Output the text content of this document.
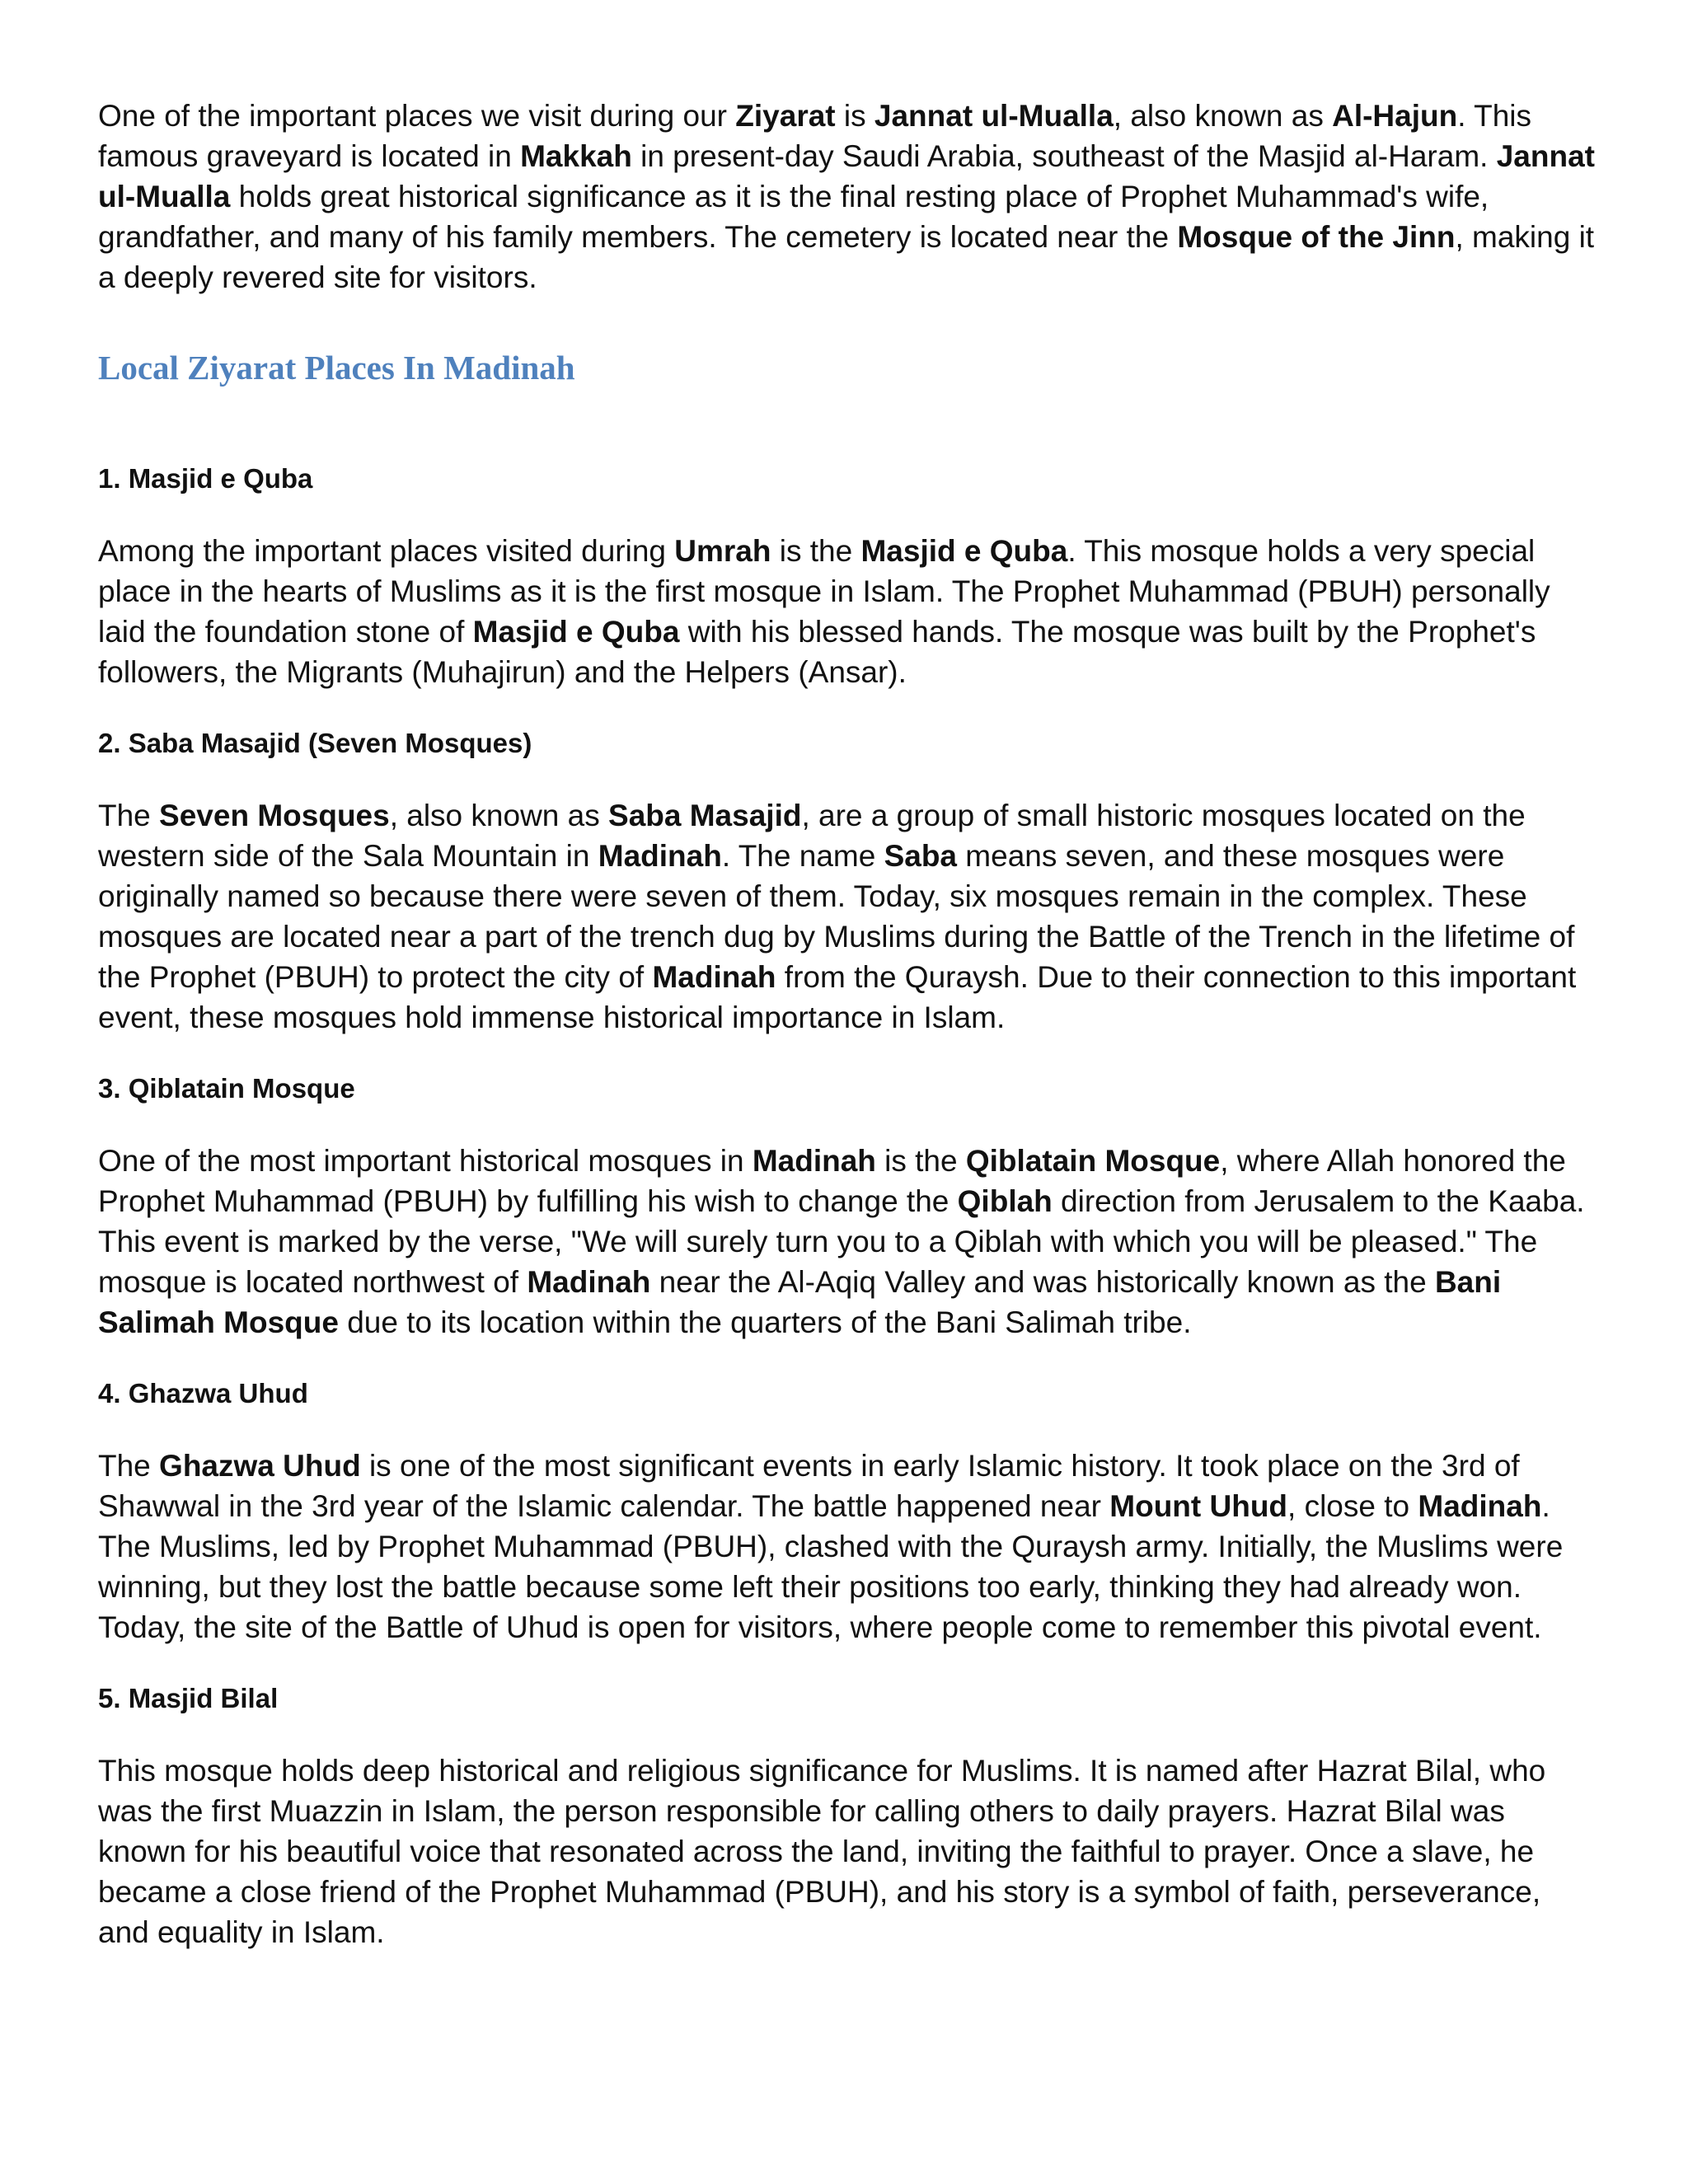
One of the important places we visit during our Ziyarat is Jannat ul-Mualla, also known as Al-Hajun. This famous graveyard is located in Makkah in present-day Saudi Arabia, southeast of the Masjid al-Haram. Jannat ul-Mualla holds great historical significance as it is the final resting place of Prophet Muhammad's wife, grandfather, and many of his family members. The cemetery is located near the Mosque of the Jinn, making it a deeply revered site for visitors.

Local Ziyarat Places In Madinah
1. Masjid e Quba

Among the important places visited during Umrah is the Masjid e Quba. This mosque holds a very special place in the hearts of Muslims as it is the first mosque in Islam. The Prophet Muhammad (PBUH) personally laid the foundation stone of Masjid e Quba with his blessed hands. The mosque was built by the Prophet's followers, the Migrants (Muhajirun) and the Helpers (Ansar).

2. Saba Masajid (Seven Mosques)

The Seven Mosques, also known as Saba Masajid, are a group of small historic mosques located on the western side of the Sala Mountain in Madinah. The name Saba means seven, and these mosques were originally named so because there were seven of them. Today, six mosques remain in the complex. These mosques are located near a part of the trench dug by Muslims during the Battle of the Trench in the lifetime of the Prophet (PBUH) to protect the city of Madinah from the Quraysh. Due to their connection to this important event, these mosques hold immense historical importance in Islam.

3. Qiblatain Mosque

One of the most important historical mosques in Madinah is the Qiblatain Mosque, where Allah honored the Prophet Muhammad (PBUH) by fulfilling his wish to change the Qiblah direction from Jerusalem to the Kaaba. This event is marked by the verse, "We will surely turn you to a Qiblah with which you will be pleased." The mosque is located northwest of Madinah near the Al-Aqiq Valley and was historically known as the Bani Salimah Mosque due to its location within the quarters of the Bani Salimah tribe.

4. Ghazwa Uhud

The Ghazwa Uhud is one of the most significant events in early Islamic history. It took place on the 3rd of Shawwal in the 3rd year of the Islamic calendar. The battle happened near Mount Uhud, close to Madinah. The Muslims, led by Prophet Muhammad (PBUH), clashed with the Quraysh army. Initially, the Muslims were winning, but they lost the battle because some left their positions too early, thinking they had already won. Today, the site of the Battle of Uhud is open for visitors, where people come to remember this pivotal event.

5. Masjid Bilal

This mosque holds deep historical and religious significance for Muslims. It is named after Hazrat Bilal, who was the first Muazzin in Islam, the person responsible for calling others to daily prayers. Hazrat Bilal was known for his beautiful voice that resonated across the land, inviting the faithful to prayer. Once a slave, he became a close friend of the Prophet Muhammad (PBUH), and his story is a symbol of faith, perseverance, and equality in Islam.
